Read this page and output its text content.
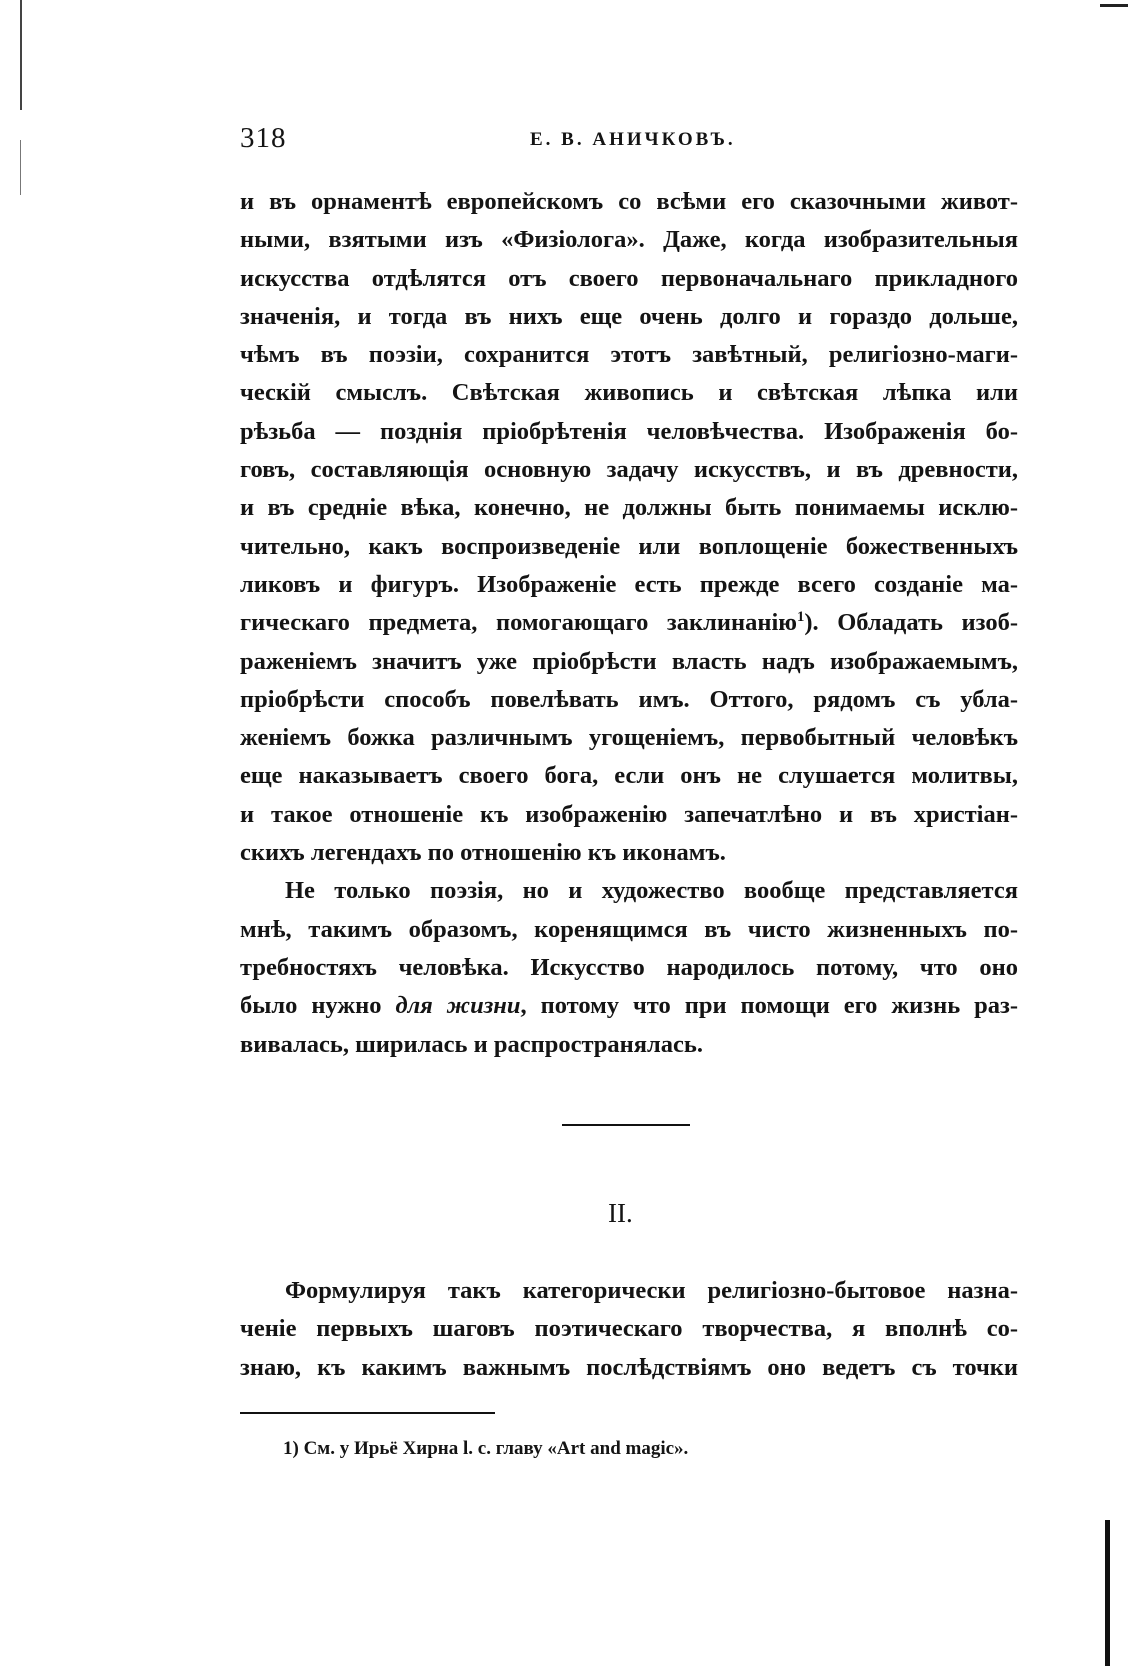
318	Е. В. АНИЧКОВЪ.
и въ орнаментѣ европейскомъ со всѣми его сказочными живот-
ными, взятыми изъ «Физіолога». Даже, когда изобразительныя
искусства отдѣлятся отъ своего первоначальнаго прикладного
значенія, и тогда въ нихъ еще очень долго и гораздо дольше,
чѣмъ въ поэзіи, сохранится этотъ завѣтный, религіозно-маги-
ческій смыслъ. Свѣтская живопись и свѣтская лѣпка или
рѣзьба — позднія пріобрѣтенія человѣчества. Изображенія бо-
говъ, составляющія основную задачу искусствъ, и въ древности,
и въ средніе вѣка, конечно, не должны быть понимаемы исклю-
чительно, какъ воспроизведеніе или воплощеніе божественныхъ
ликовъ и фигуръ. Изображеніе есть прежде всего созданіе ма-
гическаго предмета, помогающаго заклинанію$^1$). Обладать изоб-
раженіемъ значитъ уже пріобрѣсти власть надъ изображаемымъ,
пріобрѣсти способъ повелѣвать имъ. Оттого, рядомъ съ убла-
женіемъ божка различнымъ угощеніемъ, первобытный человѣкъ
еще наказываетъ своего бога, если онъ не слушается молитвы,
и такое отношеніе къ изображенію запечатлѣно и въ христіан-
скихъ легендахъ по отношенію къ иконамъ.
Не только поэзія, но и художество вообще представляется
мнѣ, такимъ образомъ, коренящимся въ чисто жизненныхъ по-
требностяхъ человѣка. Искусство народилось потому, что оно
было нужно для жизни, потому что при помощи его жизнь раз-
вивалась, ширилась и распространялась.
II.
Формулируя такъ категорически религіозно-бытовое назна-
ченіе первыхъ шаговъ поэтическаго творчества, я вполнѣ со-
знаю, къ какимъ важнымъ послѣдствіямъ оно ведетъ съ точки
1) См. у Ирьё Хирна l. c. главу «Art and magic».
